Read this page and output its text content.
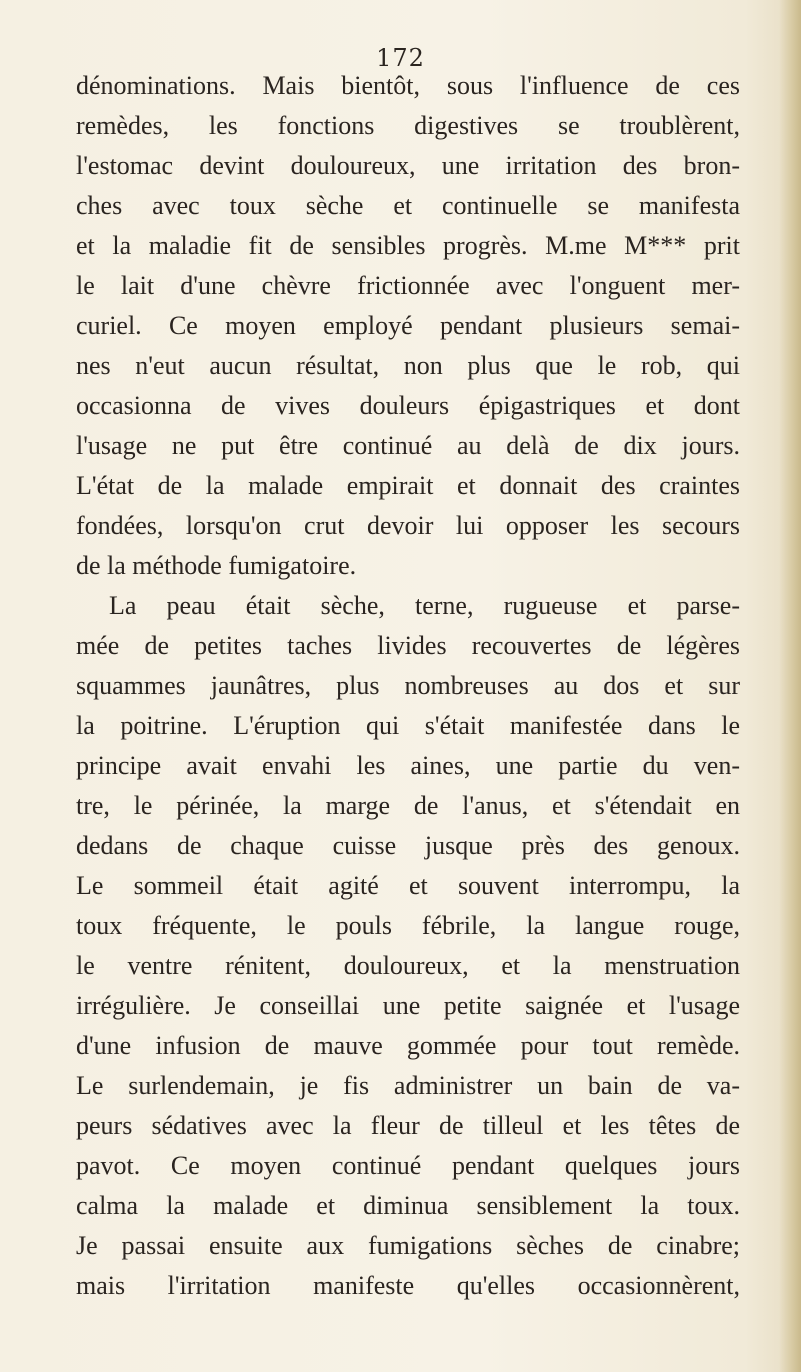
172
dénominations. Mais bientôt, sous l'influence de ces
remèdes, les fonctions digestives se troublèrent,
l'estomac devint douloureux, une irritation des bron-
ches avec toux sèche et continuelle se manifesta
et la maladie fit de sensibles progrès. M.me M*** prit
le lait d'une chèvre frictionnée avec l'onguent mer-
curiel. Ce moyen employé pendant plusieurs semai-
nes n'eut aucun résultat, non plus que le rob, qui
occasionna de vives douleurs épigastriques et dont
l'usage ne put être continué au delà de dix jours.
L'état de la malade empirait et donnait des craintes
fondées, lorsqu'on crut devoir lui opposer les secours
de la méthode fumigatoire.
La peau était sèche, terne, rugueuse et parse-
mée de petites taches livides recouvertes de légères
squammes jaunâtres, plus nombreuses au dos et sur
la poitrine. L'éruption qui s'était manifestée dans le
principe avait envahi les aines, une partie du ven-
tre, le périnée, la marge de l'anus, et s'étendait en
dedans de chaque cuisse jusque près des genoux.
Le sommeil était agité et souvent interrompu, la
toux fréquente, le pouls fébrile, la langue rouge,
le ventre rénitent, douloureux, et la menstruation
irrégulière. Je conseillai une petite saignée et l'usage
d'une infusion de mauve gommée pour tout remède.
Le surlendemain, je fis administrer un bain de va-
peurs sédatives avec la fleur de tilleul et les têtes de
pavot. Ce moyen continué pendant quelques jours
calma la malade et diminua sensiblement la toux.
Je passai ensuite aux fumigations sèches de cinabre;
mais l'irritation manifeste qu'elles occasionnèrent,
